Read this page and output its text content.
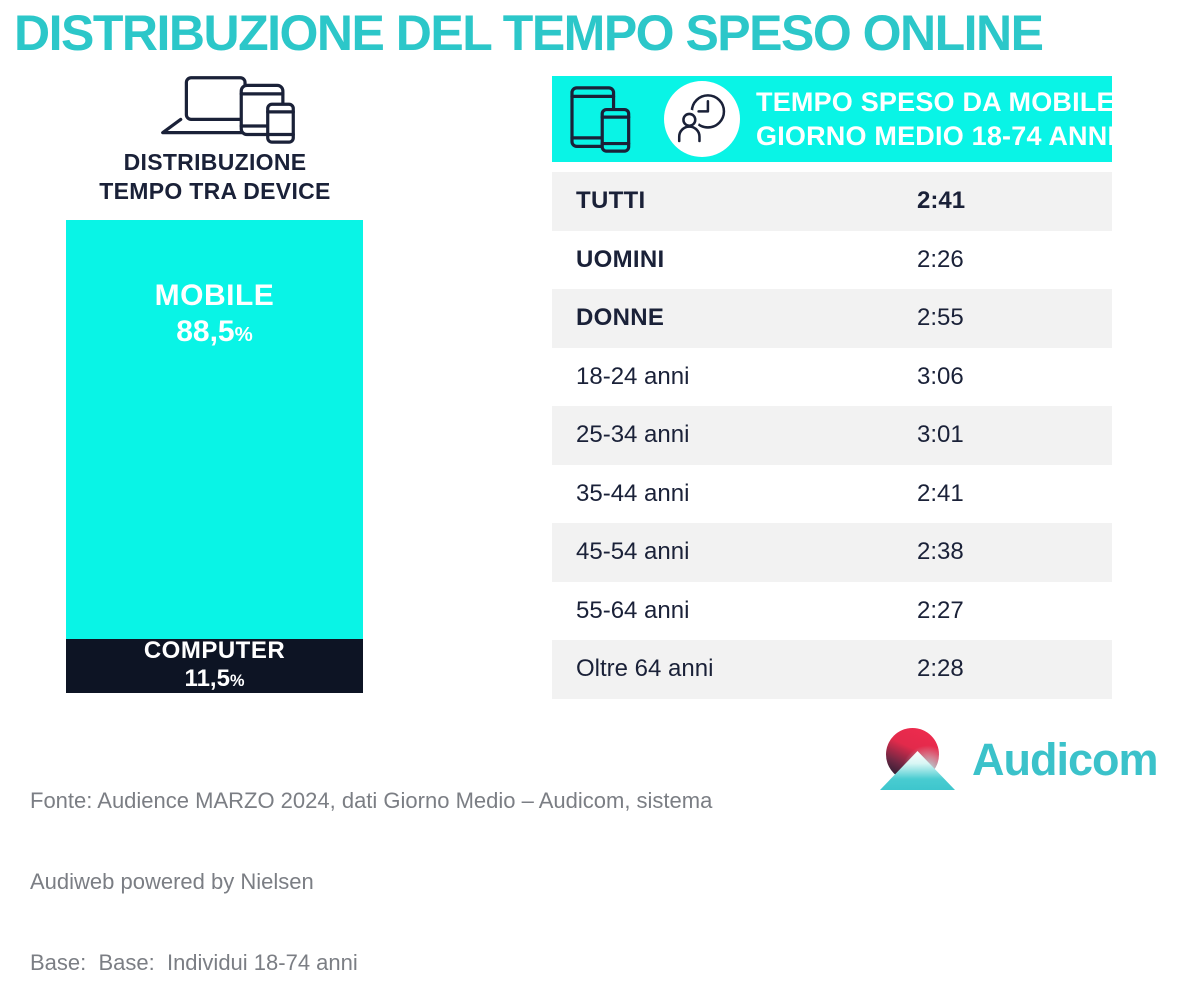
DISTRIBUZIONE DEL TEMPO SPESO ONLINE
DISTRIBUZIONE
TEMPO TRA DEVICE
MOBILE
88,5%
COMPUTER
11,5%
TEMPO SPESO DA MOBILE
GIORNO MEDIO 18-74 ANNI
TUTTI	2:41
UOMINI	2:26
DONNE	2:55
18-24 anni	3:06
25-34 anni	3:01
35-44 anni	2:41
45-54 anni	2:38
55-64 anni	2:27
Oltre 64 anni	2:28

Fonte: Audience MARZO 2024, dati Giorno Medio – Audicom, sistema

Audiweb powered by Nielsen

Base:  Base:  Individui 18-74 anni

Audicom
